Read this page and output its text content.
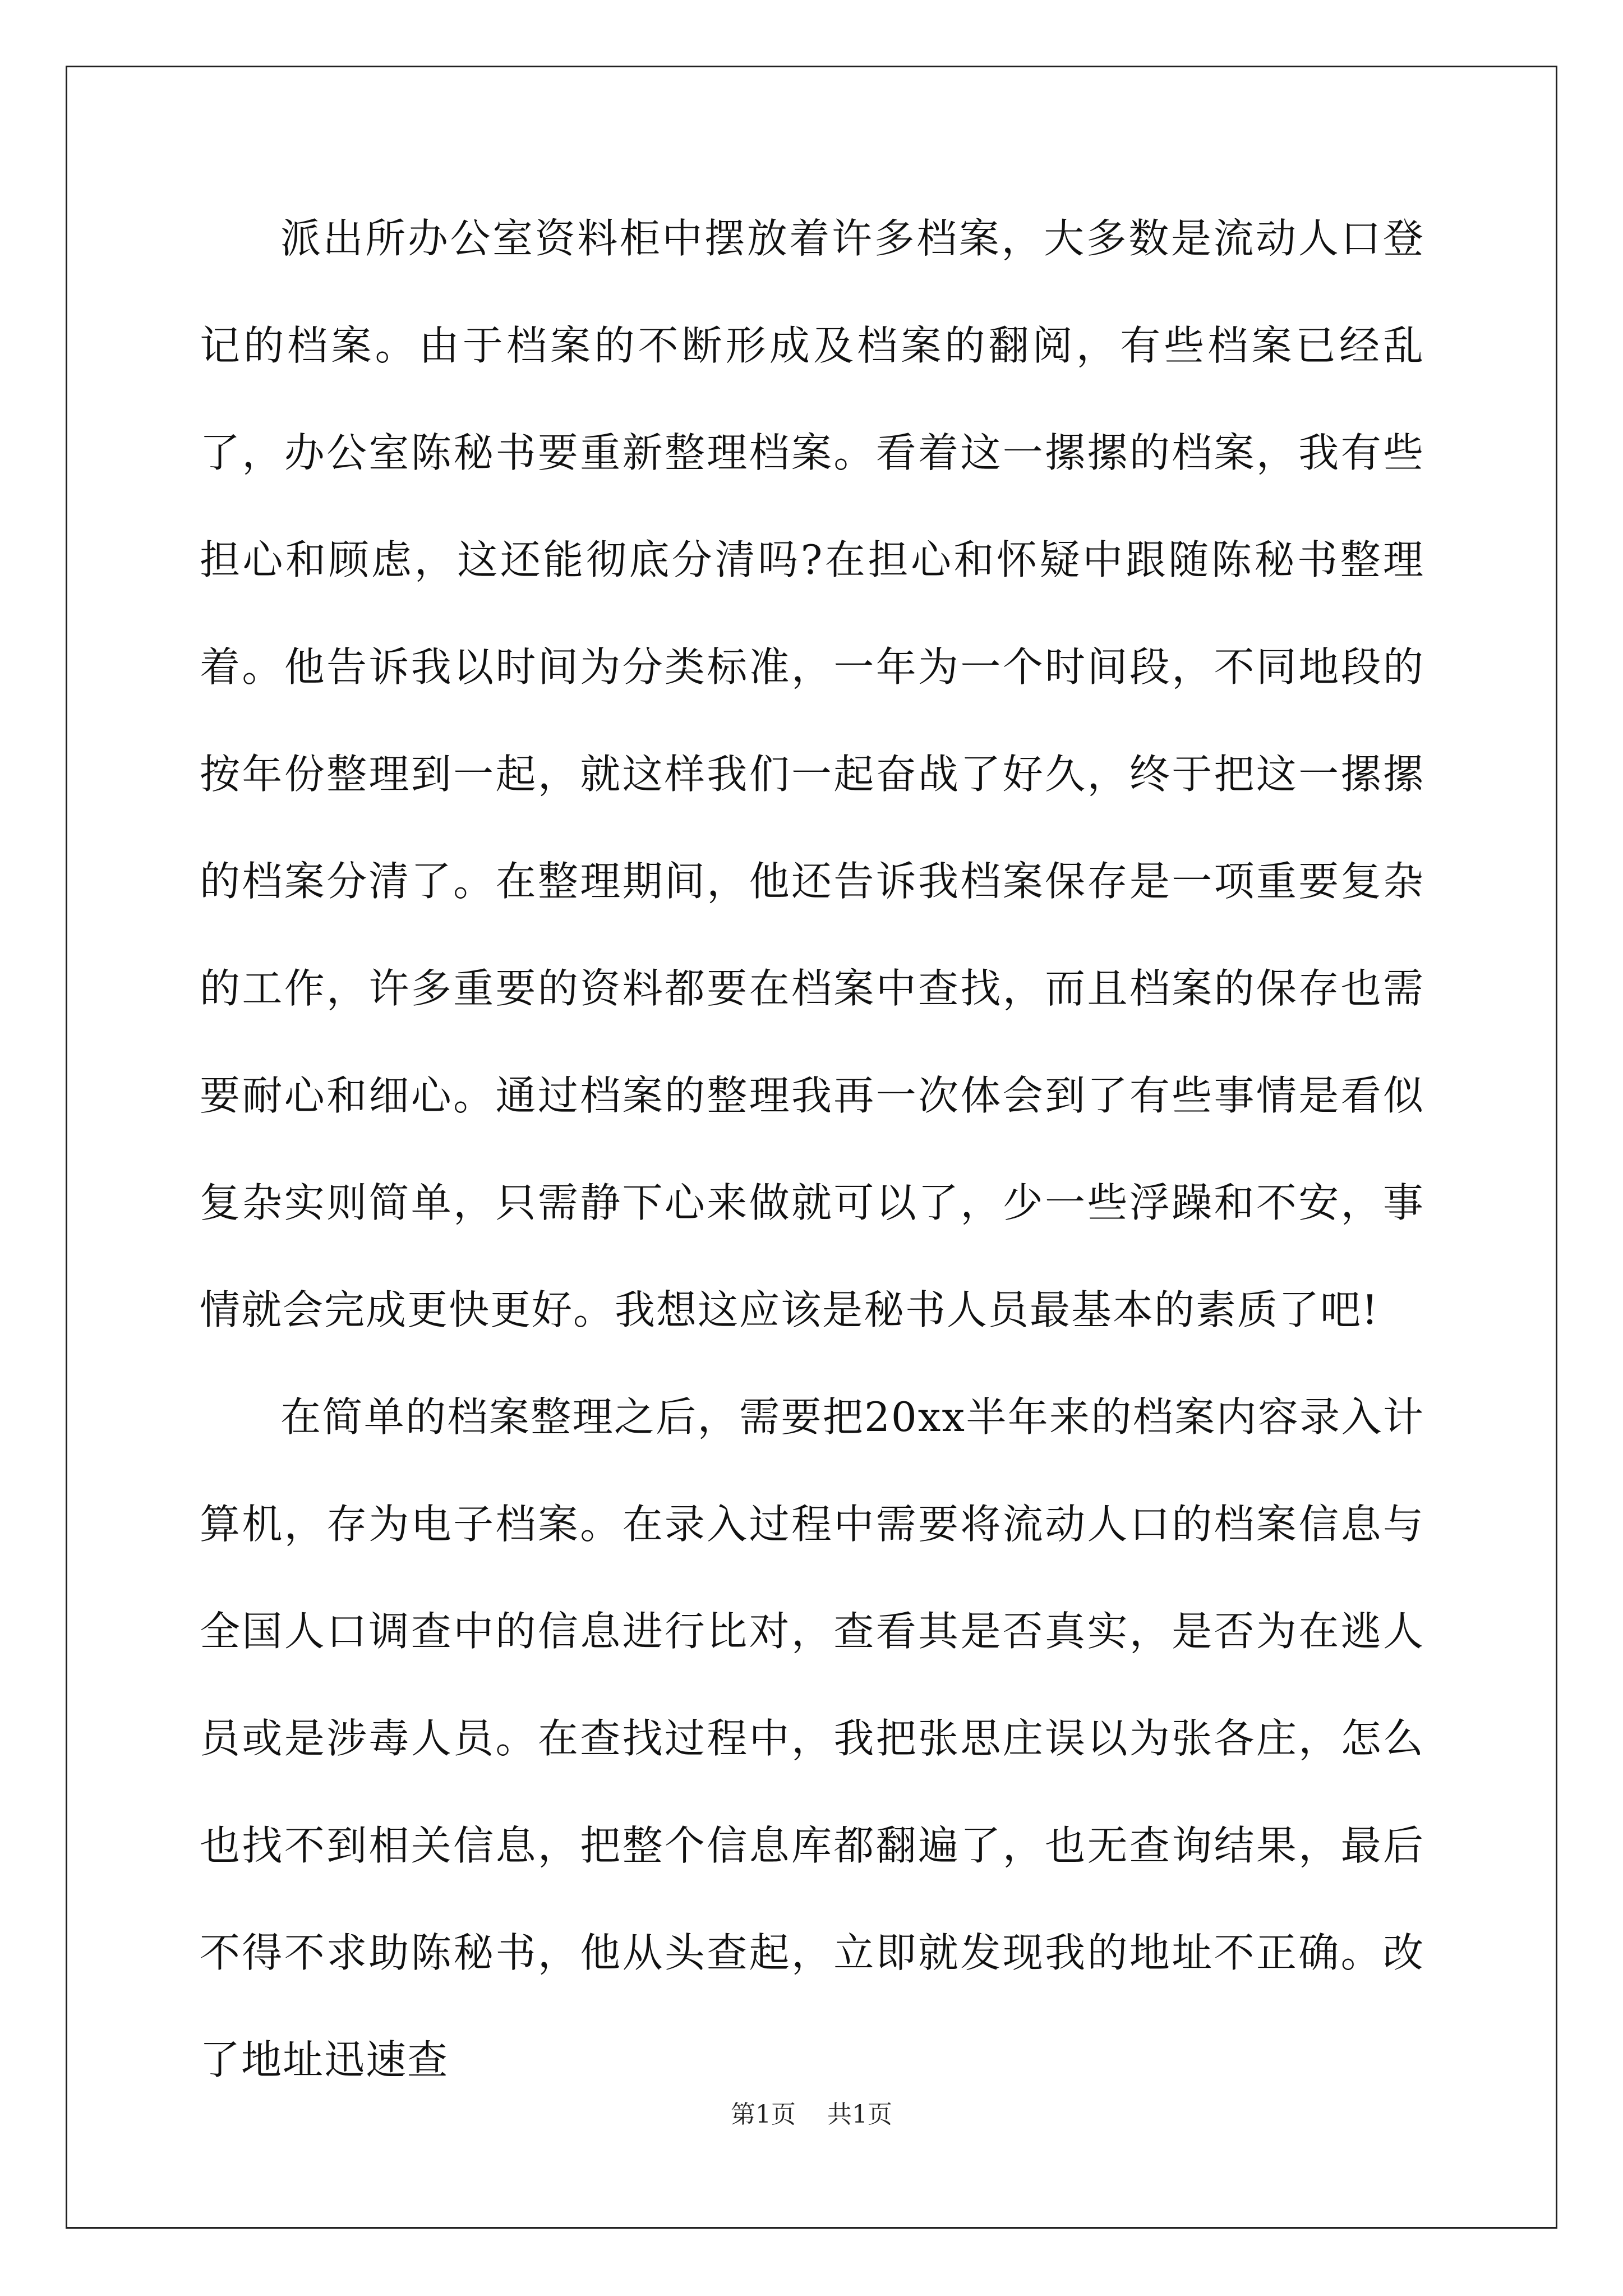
派出所办公室资料柜中摆放着许多档案，大多数是流动人口登记的档案。由于档案的不断形成及档案的翻阅，有些档案已经乱了，办公室陈秘书要重新整理档案。看着这一摞摞的档案，我有些担心和顾虑，这还能彻底分清吗?在担心和怀疑中跟随陈秘书整理着。他告诉我以时间为分类标准，一年为一个时间段，不同地段的按年份整理到一起，就这样我们一起奋战了好久，终于把这一摞摞的档案分清了。在整理期间，他还告诉我档案保存是一项重要复杂的工作，许多重要的资料都要在档案中查找，而且档案的保存也需要耐心和细心。通过档案的整理我再一次体会到了有些事情是看似复杂实则简单，只需静下心来做就可以了，少一些浮躁和不安，事情就会完成更快更好。我想这应该是秘书人员最基本的素质了吧!

在简单的档案整理之后，需要把20xx半年来的档案内容录入计算机，存为电子档案。在录入过程中需要将流动人口的档案信息与全国人口调查中的信息进行比对，查看其是否真实，是否为在逃人员或是涉毒人员。在查找过程中，我把张思庄误以为张各庄，怎么也找不到相关信息，把整个信息库都翻遍了，也无查询结果，最后不得不求助陈秘书，他从头查起，立即就发现我的地址不正确。改了地址迅速查

第1页 共1页
